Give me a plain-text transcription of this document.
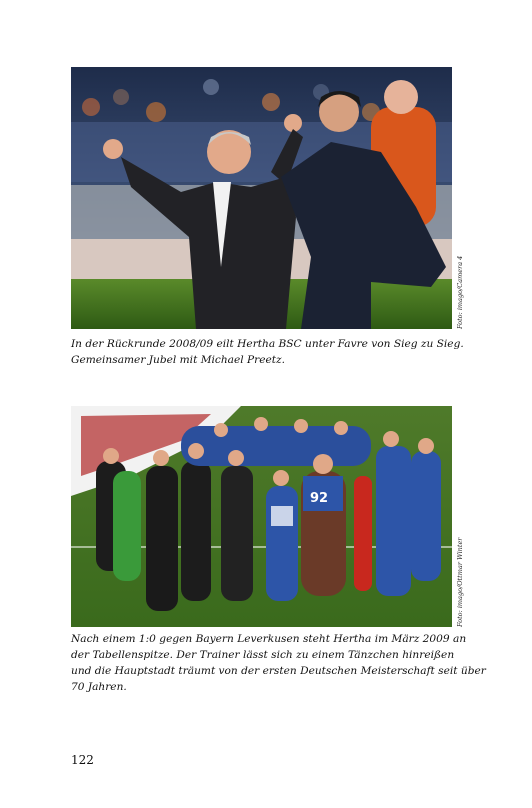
Foto: imago/Camera 4

In der Rückrunde 2008/09 eilt Hertha BSC unter Favre von Sieg zu Sieg.
Gemeinsamer Jubel mit Michael Preetz.

92
Foto: imago/Ottmar Winter

Nach einem 1:0 gegen Bayern Leverkusen steht Hertha im März 2009 an
der Tabellenspitze. Der Trainer lässt sich zu einem Tänzchen hinreißen
und die Hauptstadt träumt von der ersten Deutschen Meisterschaft seit über
70 Jahren.

122
